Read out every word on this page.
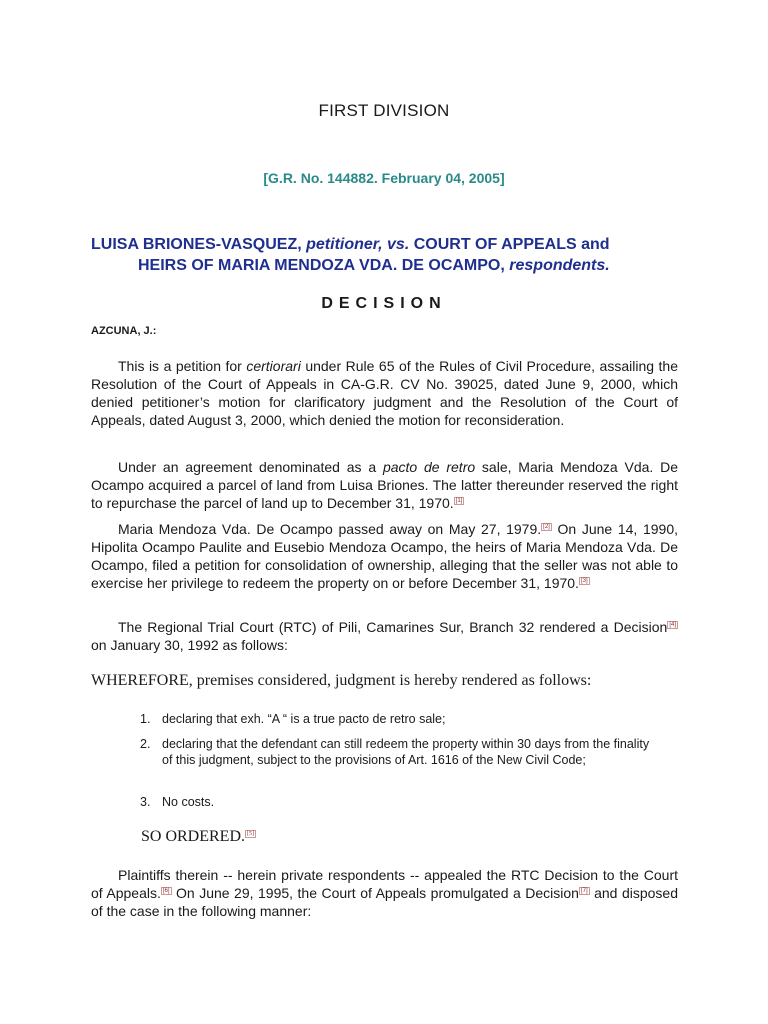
FIRST DIVISION
[G.R. No. 144882. February 04, 2005]
LUISA BRIONES-VASQUEZ, petitioner, vs. COURT OF APPEALS and
HEIRS OF MARIA MENDOZA VDA. DE OCAMPO, respondents.
DECISION
AZCUNA, J.:
This is a petition for certiorari under Rule 65 of the Rules of Civil Procedure, assailing the Resolution of the Court of Appeals in CA-G.R. CV No. 39025, dated June 9, 2000, which denied petitioner’s motion for clarificatory judgment and the Resolution of the Court of Appeals, dated August 3, 2000, which denied the motion for reconsideration.
Under an agreement denominated as a pacto de retro sale, Maria Mendoza Vda. De Ocampo acquired a parcel of land from Luisa Briones. The latter thereunder reserved the right to repurchase the parcel of land up to December 31, 1970. [1]
Maria Mendoza Vda. De Ocampo passed away on May 27, 1979. [2] On June 14, 1990, Hipolita Ocampo Paulite and Eusebio Mendoza Ocampo, the heirs of Maria Mendoza Vda. De Ocampo, filed a petition for consolidation of ownership, alleging that the seller was not able to exercise her privilege to redeem the property on or before December 31, 1970. [3]
The Regional Trial Court (RTC) of Pili, Camarines Sur, Branch 32 rendered a Decision [4] on January 30, 1992 as follows:
WHEREFORE, premises considered, judgment is hereby rendered as follows:
1. declaring that exh. “A “ is a true pacto de retro sale;
2. declaring that the defendant can still redeem the property within 30 days from the finality of this judgment, subject to the provisions of Art. 1616 of the New Civil Code;
3. No costs.
SO ORDERED. [5]
Plaintiffs therein -- herein private respondents -- appealed the RTC Decision to the Court of Appeals. [6] On June 29, 1995, the Court of Appeals promulgated a Decision [7] and disposed of the case in the following manner:
